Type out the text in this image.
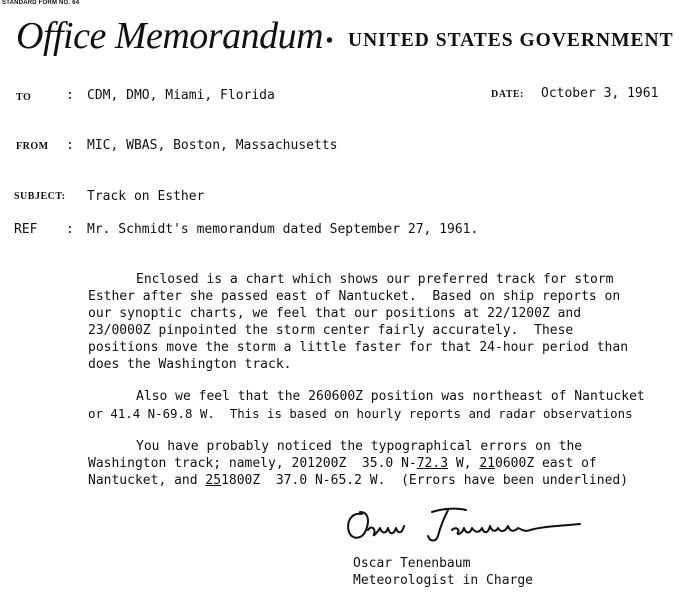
STANDARD FORM NO. 64
Office Memorandum • UNITED STATES GOVERNMENT
TO	: CDM, DMO, Miami, Florida	DATE: October 3, 1961
FROM : MIC, WBAS, Boston, Massachusetts
SUBJECT: Track on Esther
REF : Mr. Schmidt's memorandum dated September 27, 1961.
Enclosed is a chart which shows our preferred track for storm
Esther after she passed east of Nantucket.  Based on ship reports on
our synoptic charts, we feel that our positions at 22/1200Z and
23/0000Z pinpointed the storm center fairly accurately.  These
positions move the storm a little faster for that 24-hour period than
does the Washington track.
Also we feel that the 260600Z position was northeast of Nantucket
or 41.4 N-69.8 W.  This is based on hourly reports and radar observations
You have probably noticed the typographical errors on the
Washington track; namely, 201200Z  35.0 N-72.3 W, 210600Z east of
Nantucket, and 251800Z  37.0 N-65.2 W.  (Errors have been underlined)
Oscar Tenenbaum
Meteorologist in Charge
